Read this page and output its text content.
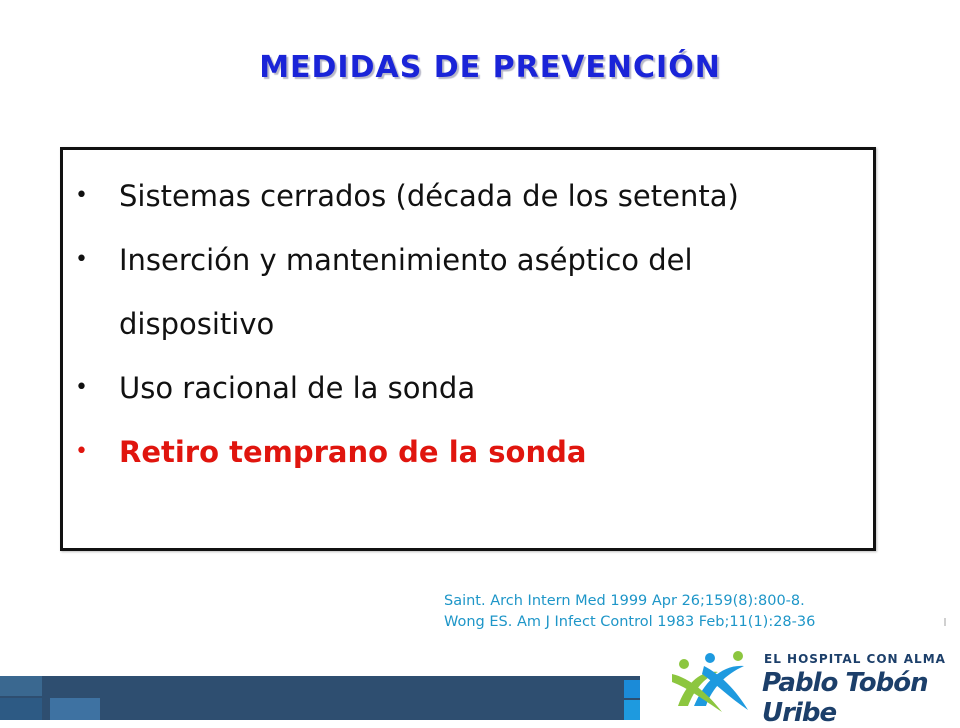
MEDIDAS DE PREVENCIÓN
• Sistemas cerrados (década de los setenta)
• Inserción y mantenimiento aséptico del dispositivo
• Uso racional de la sonda
• Retiro temprano de la sonda
Saint. Arch Intern Med 1999 Apr 26;159(8):800-8.
Wong ES. Am J Infect Control 1983 Feb;11(1):28-36
EL HOSPITAL CON ALMA
Pablo Tobón Uribe
